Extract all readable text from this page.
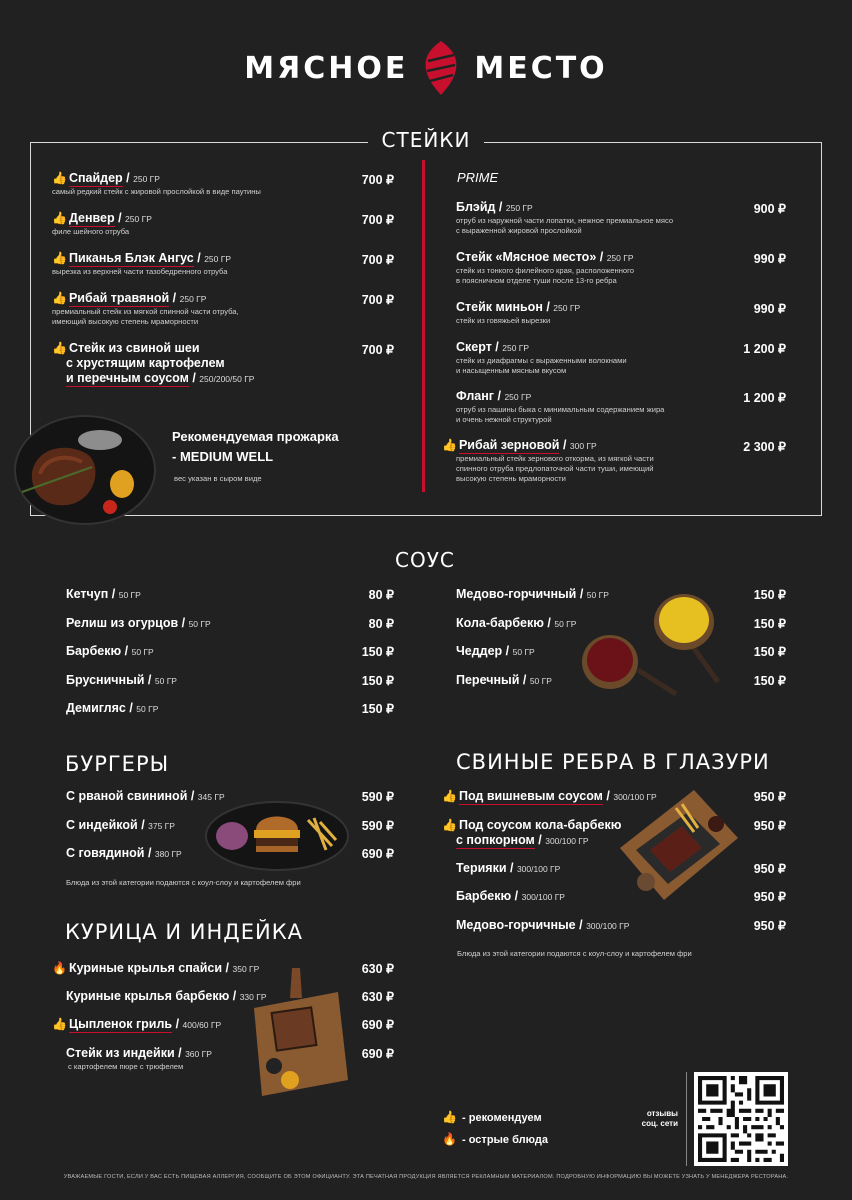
МЯСНОЕ МЕСТО
СТЕЙКИ
👍 Спайдер / 250 ГР
самый редкий стейк с жировой прослойкой в виде паутины
700 ₽
👍 Денвер / 250 ГР
филе шейного отруба
700 ₽
👍 Пиканья Блэк Ангус / 250 ГР
вырезка из верхней части тазобедренного отруба
700 ₽
👍 Рибай травяной / 250 ГР
премиальный стейк из мягкой спинной части отруба,
имеющий высокую степень мраморности
700 ₽
👍 Стейк из свиной шеи
с хрустящим картофелем
и перечным соусом / 250/200/50 ГР
700 ₽
Рекомендуемая прожарка
- MEDIUM WELL
вес указан в сыром виде
PRIME
Блэйд / 250 ГР
отруб из наружной части лопатки, нежное премиальное мясо
с выраженной жировой прослойкой
900 ₽
Стейк «Мясное место» / 250 ГР
стейк из тонкого филейного края, расположенного
в поясничном отделе туши после 13-го ребра
990 ₽
Стейк миньон / 250 ГР
стейк из говяжьей вырезки
990 ₽
Скерт / 250 ГР
стейк из диафрагмы с выраженными волокнами
и насыщенным мясным вкусом
1 200 ₽
Фланг / 250 ГР
отруб из пашины быка с минимальным содержанием жира
и очень нежной структурой
1 200 ₽
👍 Рибай зерновой / 300 ГР
премиальный стейк зернового откорма, из мягкой части
спинного отруба предлопаточной части туши, имеющий
высокую степень мраморности
2 300 ₽
СОУС
Кетчуп / 50 ГР	80 ₽
Релиш из огурцов / 50 ГР	80 ₽
Барбекю / 50 ГР	150 ₽
Брусничный / 50 ГР	150 ₽
Демигляс / 50 ГР	150 ₽
Медово-горчичный / 50 ГР	150 ₽
Кола-барбекю / 50 ГР	150 ₽
Чеддер / 50 ГР	150 ₽
Перечный / 50 ГР	150 ₽
БУРГЕРЫ
С рваной свининой / 345 ГР	590 ₽
С индейкой / 375 ГР	590 ₽
С говядиной / 380 ГР	690 ₽
Блюда из этой категории подаются с коул-слоу и картофелем фри
КУРИЦА И ИНДЕЙКА
🔥 Куриные крылья спайси / 350 ГР	630 ₽
Куриные крылья барбекю / 330 ГР	630 ₽
👍 Цыпленок гриль / 400/60 ГР	690 ₽
Стейк из индейки / 360 ГР
с картофелем пюре с трюфелем
690 ₽
СВИНЫЕ РЕБРА В ГЛАЗУРИ
👍 Под вишневым соусом / 300/100 ГР	950 ₽
👍 Под соусом кола-барбекю
с попкорном / 300/100 ГР
950 ₽
Терияки / 300/100 ГР	950 ₽
Барбекю / 300/100 ГР	950 ₽
Медово-горчичные / 300/100 ГР	950 ₽
Блюда из этой категории подаются с коул-слоу и картофелем фри
👍 - рекомендуем
🔥 - острые блюда
отзывы
соц. сети
УВАЖАЕМЫЕ ГОСТИ, ЕСЛИ У ВАС ЕСТЬ ПИЩЕВАЯ АЛЛЕРГИЯ, СООБЩИТЕ ОБ ЭТОМ ОФИЦИАНТУ. ЭТА ПЕЧАТНАЯ ПРОДУКЦИЯ ЯВЛЯЕТСЯ РЕКЛАМНЫМ МАТЕРИАЛОМ. ПОДРОБНУЮ ИНФОРМАЦИЮ ВЫ МОЖЕТЕ УЗНАТЬ У МЕНЕДЖЕРА РЕСТОРАНА.
